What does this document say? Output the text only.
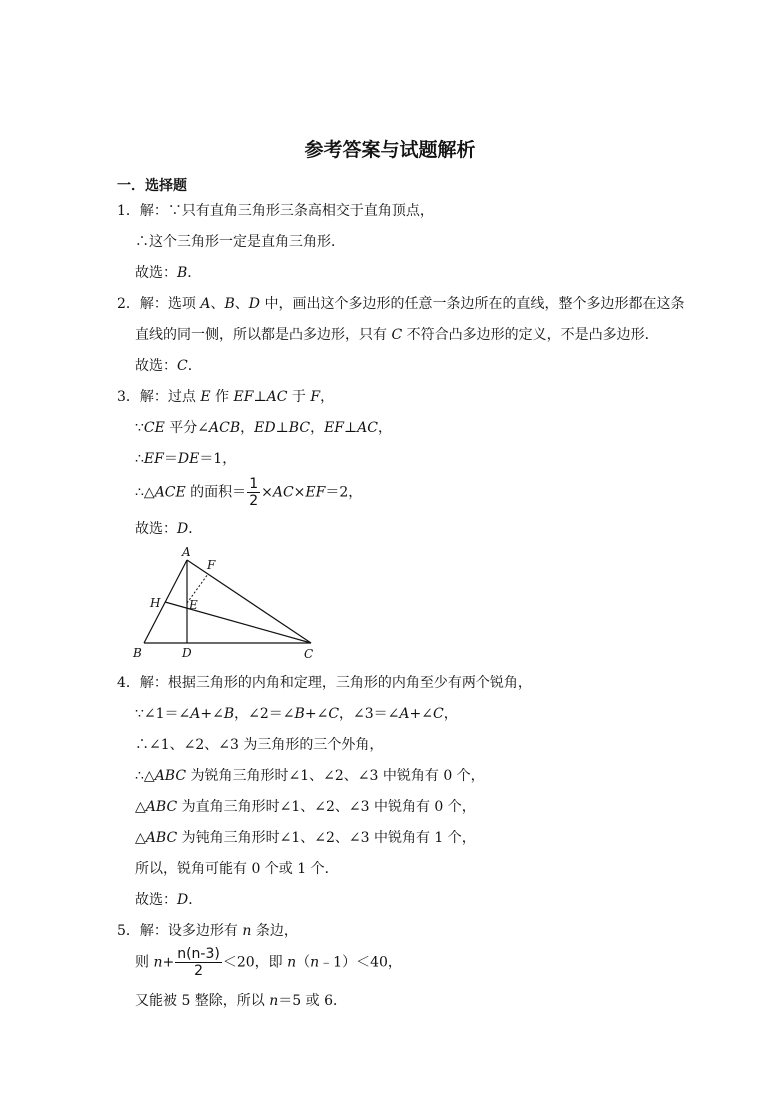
参考答案与试题解析
一．选择题
1．解：∵只有直角三角形三条高相交于直角顶点，
∴这个三角形一定是直角三角形．
故选：B．
2．解：选项 A、B、D 中，画出这个多边形的任意一条边所在的直线，整个多边形都在这条
直线的同一侧，所以都是凸多边形，只有 C 不符合凸多边形的定义，不是凸多边形．
故选：C．
3．解：过点 E 作 EF⊥AC 于 F，
∵CE 平分∠ACB，ED⊥BC，EF⊥AC，
∴EF＝DE＝1，
∴△ACE 的面积＝ $\frac{1}{2} \times AC\times EF=2$，
故选：D．
A
F
H E
B	D	C
4．解：根据三角形的内角和定理，三角形的内角至少有两个锐角，
∵∠1＝∠A+∠B，∠2＝∠B+∠C，∠3＝∠A+∠C，
∴∠1、∠2、∠3 为三角形的三个外角，
∴△ABC 为锐角三角形时∠1、∠2、∠3 中锐角有 0 个，
△ABC 为直角三角形时∠1、∠2、∠3 中锐角有 0 个，
△ABC 为钝角三角形时∠1、∠2、∠3 中锐角有 1 个，
所以，锐角可能有 0 个或 1 个．
故选：D．
5．解：设多边形有 n 条边，
则 $n+ \frac{n(n-3)}{2} <20$，即 n（n﹣1）＜40，
又能被 5 整除，所以 n＝5 或 6．
